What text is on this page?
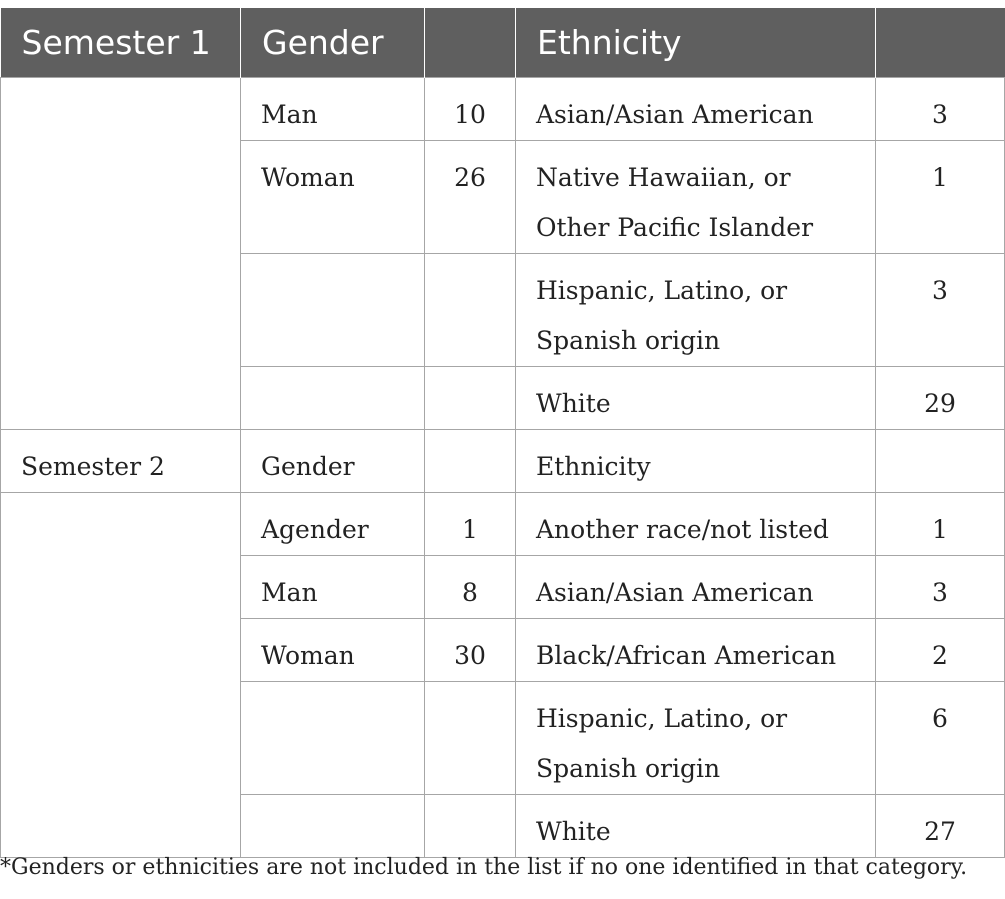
Semester 1	Gender		Ethnicity	
	Man	10	Asian/Asian American	3
	Woman	26	Native Hawaiian, or Other Pacific Islander	1
			Hispanic, Latino, or Spanish origin	3
			White	29
Semester 2	Gender		Ethnicity	
	Agender	1	Another race/not listed	1
	Man	8	Asian/Asian American	3
	Woman	30	Black/African American	2
			Hispanic, Latino, or Spanish origin	6
			White	27
*Genders or ethnicities are not included in the list if no one identified in that category.
